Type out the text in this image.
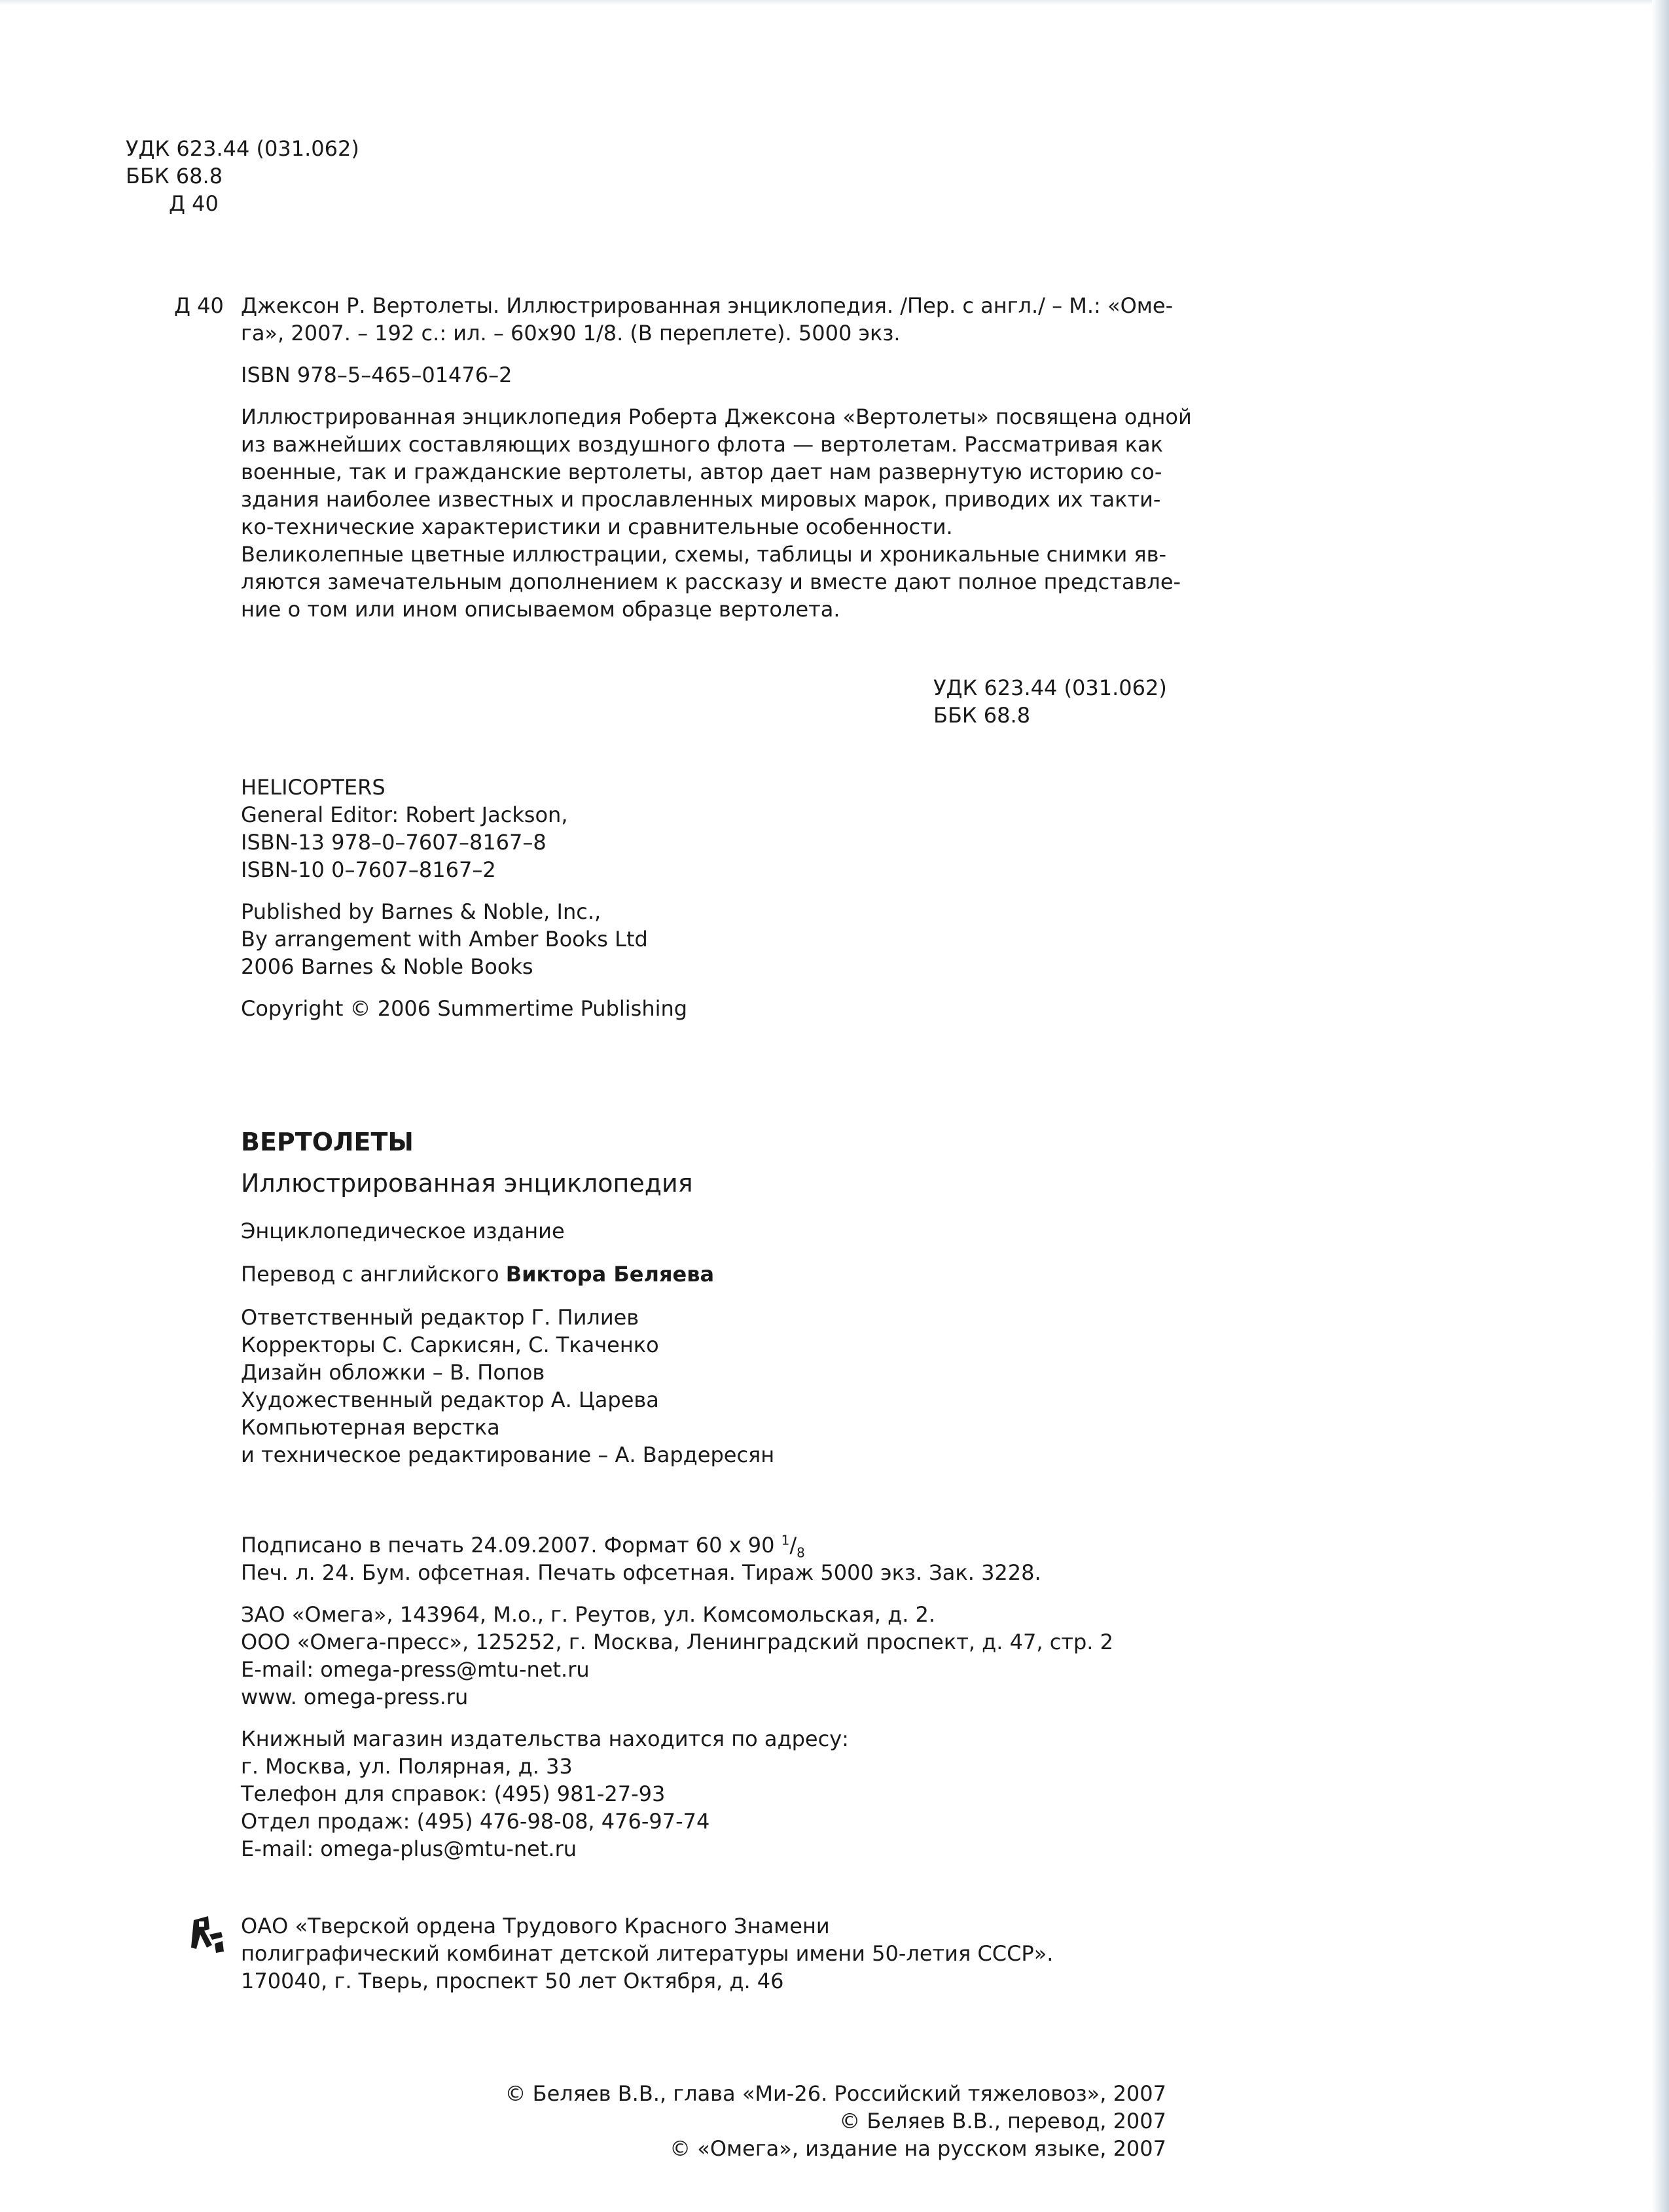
УДК 623.44 (031.062)
ББК 68.8
Д 40
Д 40 Джексон Р. Вертолеты. Иллюстрированная энциклопедия. /Пер. с англ./ – М.: «Оме-
га», 2007. – 192 с.: ил. – 60х90 1/8. (В переплете). 5000 экз.
ISBN 978–5–465–01476–2
Иллюстрированная энциклопедия Роберта Джексона «Вертолеты» посвящена одной
из важнейших составляющих воздушного флота — вертолетам. Рассматривая как
военные, так и гражданские вертолеты, автор дает нам развернутую историю со-
здания наиболее известных и прославленных мировых марок, приводих их такти-
ко-технические характеристики и сравнительные особенности.
Великолепные цветные иллюстрации, схемы, таблицы и хроникальные снимки яв-
ляются замечательным дополнением к рассказу и вместе дают полное представле-
ние о том или ином описываемом образце вертолета.
УДК 623.44 (031.062)
ББК 68.8
HELICOPTERS
General Editor: Robert Jackson,
ISBN-13 978–0–7607–8167–8
ISBN-10 0–7607–8167–2
Published by Barnes & Noble, Inc.,
By arrangement with Amber Books Ltd
2006 Barnes & Noble Books
Copyright © 2006 Summertime Publishing
ВЕРТОЛЕТЫ
Иллюстрированная энциклопедия
Энциклопедическое издание
Перевод с английского Виктора Беляева
Ответственный редактор Г. Пилиев
Корректоры С. Саркисян, С. Ткаченко
Дизайн обложки – В. Попов
Художественный редактор А. Царева
Компьютерная верстка
и техническое редактирование – А. Вардересян
Подписано в печать 24.09.2007. Формат 60 х 90 $^1/_8$
Печ. л. 24. Бум. офсетная. Печать офсетная. Тираж 5000 экз. Зак. 3228.
ЗАО «Омега», 143964, М.о., г. Реутов, ул. Комсомольская, д. 2.
ООО «Омега-пресс», 125252, г. Москва, Ленинградский проспект, д. 47, стр. 2
E-mail: omega-press@mtu-net.ru
www. omega-press.ru
Книжный магазин издательства находится по адресу:
г. Москва, ул. Полярная, д. 33
Телефон для справок: (495) 981-27-93
Отдел продаж: (495) 476-98-08, 476-97-74
E-mail: omega-plus@mtu-net.ru
ОАО «Тверской ордена Трудового Красного Знамени
полиграфический комбинат детской литературы имени 50-летия СССР».
170040, г. Тверь, проспект 50 лет Октября, д. 46
© Беляев В.В., глава «Ми-26. Российский тяжеловоз», 2007
© Беляев В.В., перевод, 2007
© «Омега», издание на русском языке, 2007
